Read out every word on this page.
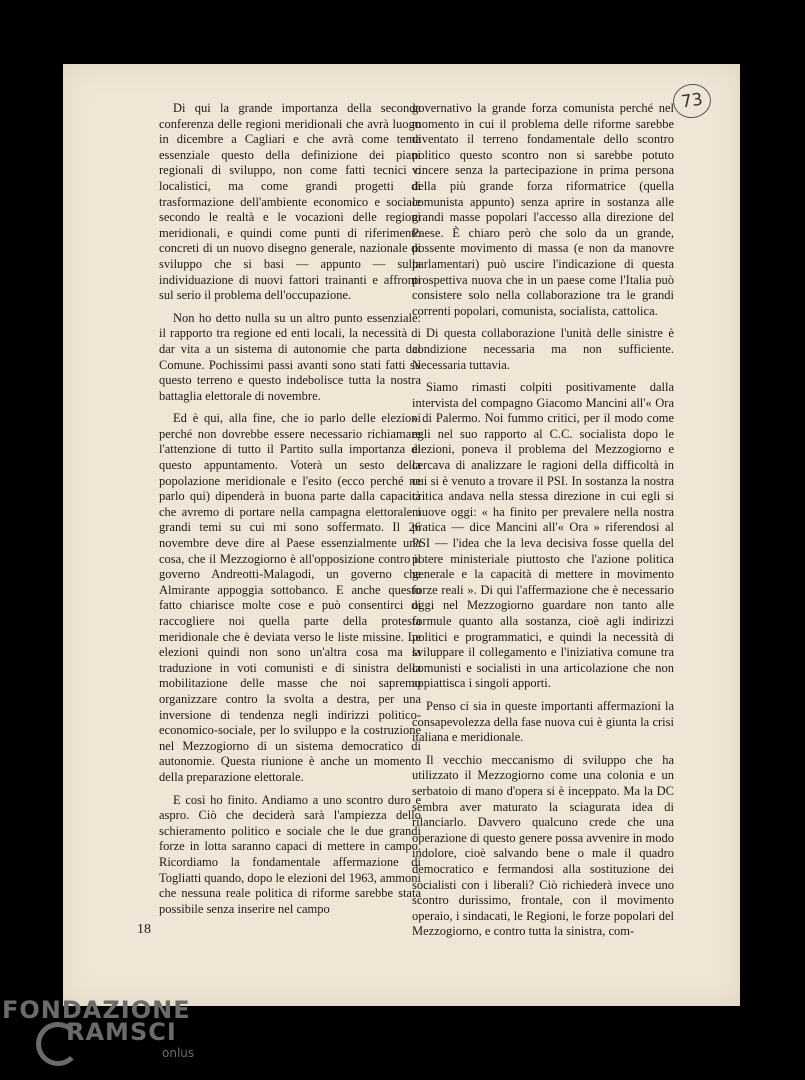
73
18

Di qui la grande importanza della seconda conferenza delle regioni meridionali che avrà luogo in dicembre a Cagliari e che avrà come tema essenziale questo della definizione dei piani regionali di sviluppo, non come fatti tecnici o localistici, ma come grandi progetti di trasformazione dell'ambiente economico e sociale secondo le realtà e le vocazioni delle regioni meridionali, e quindi come punti di riferimento concreti di un nuovo disegno generale, nazionale di sviluppo che si basi — appunto — sulla individuazione di nuovi fattori trainanti e affronti sul serio il problema dell'occupazione.

Non ho detto nulla su un altro punto essenziale: il rapporto tra regione ed enti locali, la necessità di dar vita a un sistema di autonomie che parta dal Comune. Pochissimi passi avanti sono stati fatti su questo terreno e questo indebolisce tutta la nostra battaglia elettorale di novembre.

Ed è qui, alla fine, che io parlo delle elezioni perché non dovrebbe essere necessario richiamare l'attenzione di tutto il Partito sulla importanza di questo appuntamento. Voterà un sesto della popolazione meridionale e l'esito (ecco perché ne parlo qui) dipenderà in buona parte dalla capacità che avremo di portare nella campagna elettorale i grandi temi su cui mi sono soffermato. Il 26 novembre deve dire al Paese essenzialmente una cosa, che il Mezzogiorno è all'opposizione contro il governo Andreotti-Malagodi, un governo che Almirante appoggia sottobanco. E anche questo fatto chiarisce molte cose e può consentirci di raccogliere noi quella parte della protesta meridionale che è deviata verso le liste missine. Le elezioni quindi non sono un'altra cosa ma la traduzione in voti comunisti e di sinistra della mobilitazione delle masse che noi sapremo organizzare contro la svolta a destra, per una inversione di tendenza negli indirizzi politico-economico-sociale, per lo sviluppo e la costruzione nel Mezzogiorno di un sistema democratico di autonomie. Questa riunione è anche un momento della preparazione elettorale.

E così ho finito. Andiamo a uno scontro duro e aspro. Ciò che deciderà sarà l'ampiezza dello schieramento politico e sociale che le due grandi forze in lotta saranno capaci di mettere in campo. Ricordiamo la fondamentale affermazione di Togliatti quando, dopo le elezioni del 1963, ammonì che nessuna reale politica di riforme sarebbe stata possibile senza inserire nel campo

governativo la grande forza comunista perché nel momento in cui il problema delle riforme sarebbe diventato il terreno fondamentale dello scontro politico questo scontro non si sarebbe potuto vincere senza la partecipazione in prima persona della più grande forza riformatrice (quella comunista appunto) senza aprire in sostanza alle grandi masse popolari l'accesso alla direzione del Paese. È chiaro però che solo da un grande, possente movimento di massa (e non da manovre parlamentari) può uscire l'indicazione di questa prospettiva nuova che in un paese come l'Italia può consistere solo nella collaborazione tra le grandi correnti popolari, comunista, socialista, cattolica.

Di questa collaborazione l'unità delle sinistre è condizione necessaria ma non sufficiente. Necessaria tuttavia.

Siamo rimasti colpiti positivamente dalla intervista del compagno Giacomo Mancini all'« Ora » di Palermo. Noi fummo critici, per il modo come egli nel suo rapporto al C.C. socialista dopo le elezioni, poneva il problema del Mezzogiorno e cercava di analizzare le ragioni della difficoltà in cui si è venuto a trovare il PSI. In sostanza la nostra critica andava nella stessa direzione in cui egli si muove oggi: « ha finito per prevalere nella nostra pratica — dice Mancini all'« Ora » riferendosi al PSI — l'idea che la leva decisiva fosse quella del potere ministeriale piuttosto che l'azione politica generale e la capacità di mettere in movimento forze reali ». Di qui l'affermazione che è necessario oggi nel Mezzogiorno guardare non tanto alle formule quanto alla sostanza, cioè agli indirizzi politici e programmatici, e quindi la necessità di sviluppare il collegamento e l'iniziativa comune tra comunisti e socialisti in una articolazione che non appiattisca i singoli apporti.

Penso ci sia in queste importanti affermazioni la consapevolezza della fase nuova cui è giunta la crisi italiana e meridionale.

Il vecchio meccanismo di sviluppo che ha utilizzato il Mezzogiorno come una colonia e un serbatoio di mano d'opera si è inceppato. Ma la DC sembra aver maturato la sciagurata idea di rilanciarlo. Davvero qualcuno crede che una operazione di questo genere possa avvenire in modo indolore, cioè salvando bene o male il quadro democratico e fermandosi alla sostituzione dei socialisti con i liberali? Ciò richiederà invece uno scontro durissimo, frontale, con il movimento operaio, i sindacati, le Regioni, le forze popolari del Mezzogiorno, e contro tutta la sinistra, com-

FONDAZIONE
RAMSCI
onlus
